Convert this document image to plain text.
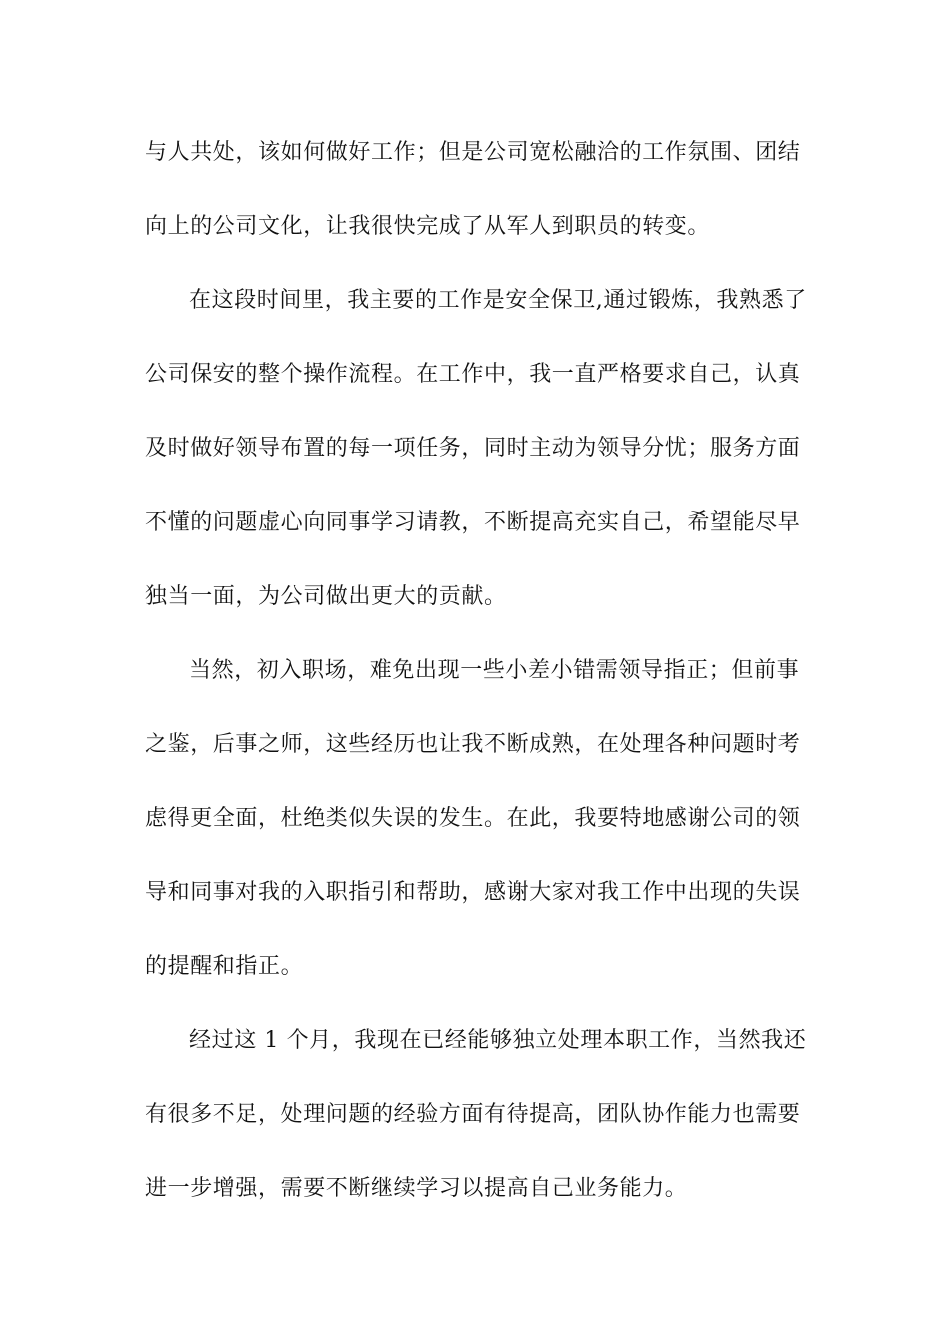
与人共处，该如何做好工作；但是公司宽松融洽的工作氛围、团结
向上的公司文化，让我很快完成了从军人到职员的转变。
在这段时间里，我主要的工作是安全保卫,通过锻炼，我熟悉了
公司保安的整个操作流程。在工作中，我一直严格要求自己，认真
及时做好领导布置的每一项任务，同时主动为领导分忧；服务方面
不懂的问题虚心向同事学习请教，不断提高充实自己，希望能尽早
独当一面，为公司做出更大的贡献。
当然，初入职场，难免出现一些小差小错需领导指正；但前事
之鉴，后事之师，这些经历也让我不断成熟，在处理各种问题时考
虑得更全面，杜绝类似失误的发生。在此，我要特地感谢公司的领
导和同事对我的入职指引和帮助，感谢大家对我工作中出现的失误
的提醒和指正。
经过这 1 个月，我现在已经能够独立处理本职工作，当然我还
有很多不足，处理问题的经验方面有待提高，团队协作能力也需要
进一步增强，需要不断继续学习以提高自己业务能力。
